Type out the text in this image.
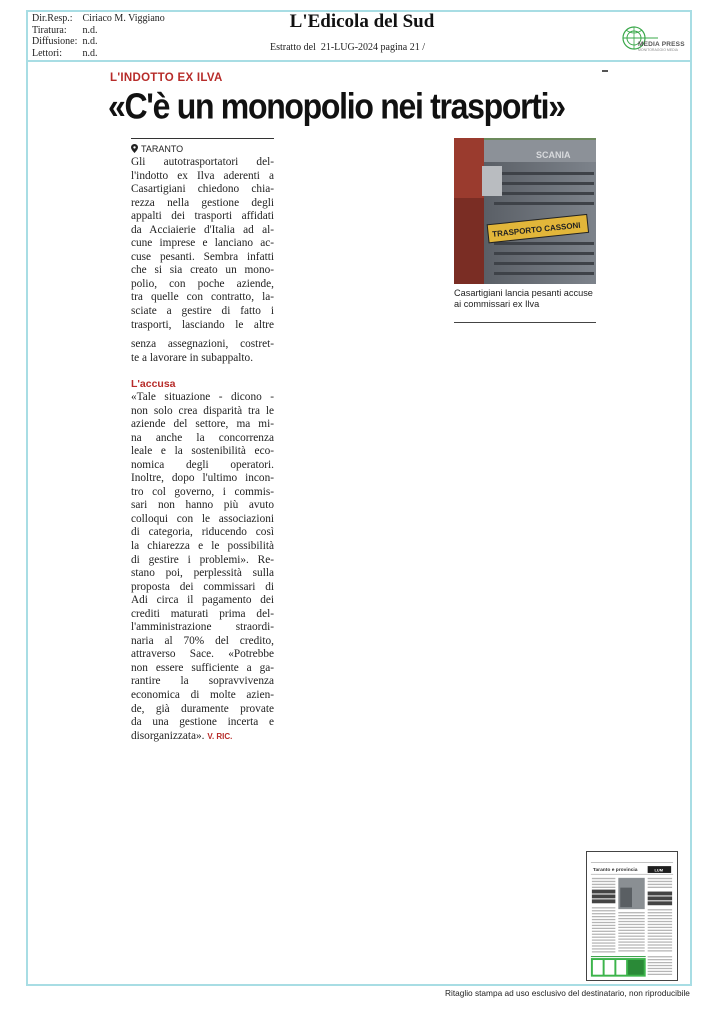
Dir.Resp.: Ciriaco M. Viggiano
Tiratura: n.d.
Diffusione: n.d.
Lettori: n.d.
L'Edicola del Sud
Estratto del 21-LUG-2024 pagina 21 /	MEDIA PRESS
MONITORAGGIO MEDIA
L'INDOTTO EX ILVA
«C'è un monopolio nei trasporti»
TARANTO
Gli autotrasportatori del-
l'indotto ex Ilva aderenti a
Casartigiani chiedono chia-
rezza nella gestione degli
appalti dei trasporti affidati
da Acciaierie d'Italia ad al-
cune imprese e lanciano ac-
cuse pesanti. Sembra infatti
che si sia creato un mono-
polio, con poche aziende,
tra quelle con contratto, la-
sciate a gestire di fatto i
trasporti, lasciando le altre
senza assegnazioni, costret-
te a lavorare in subappalto.
L'accusa
«Tale situazione - dicono -
non solo crea disparità tra le
aziende del settore, ma mi-
na anche la concorrenza
leale e la sostenibilità eco-
nomica degli operatori.
Inoltre, dopo l'ultimo incon-
tro col governo, i commis-
sari non hanno più avuto
colloqui con le associazioni
di categoria, riducendo così
la chiarezza e le possibilità
di gestire i problemi». Re-
stano poi, perplessità sulla
proposta dei commissari di
Adi circa il pagamento dei
crediti maturati prima del-
l'amministrazione straordi-
naria al 70% del credito,
attraverso Sace. «Potrebbe
non essere sufficiente a ga-
rantire la sopravvivenza
economica di molte azien-
de, già duramente provate
da una gestione incerta e
disorganizzata». V. RIC.
SCANIA
TRASPORTO CASSONI
Casartigiani lancia pesanti accuse ai commissari ex Ilva
Taranto e provincia	LUM
Ritaglio stampa ad uso esclusivo del destinatario, non riproducibile
